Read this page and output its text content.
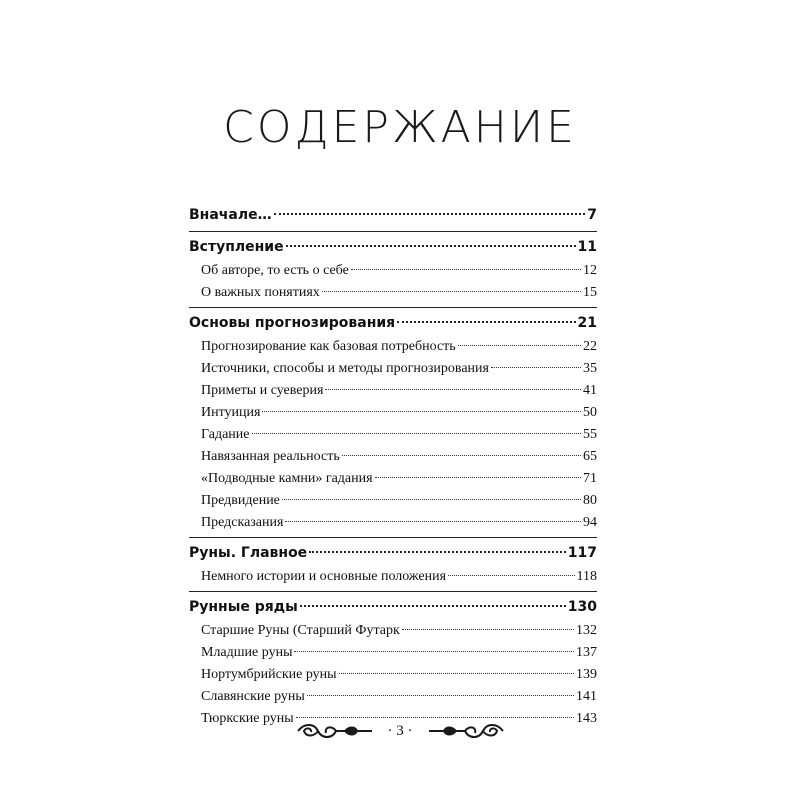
СОДЕРЖАНИЕ
Вначале…	7
Вступление	11
Об авторе, то есть о себе	12
О важных понятиях	15
Основы прогнозирования	21
Прогнозирование как базовая потребность	22
Источники, способы и методы прогнозирования	35
Приметы и суеверия	41
Интуиция	50
Гадание	55
Навязанная реальность	65
«Подводные камни» гадания	71
Предвидение	80
Предсказания	94
Руны. Главное	117
Немного истории и основные положения	118
Рунные ряды	130
Старшие Руны (Старший Футарк	132
Младшие руны	137
Нортумбрийские руны	139
Славянские руны	141
Тюркские руны	143
· 3 ·
